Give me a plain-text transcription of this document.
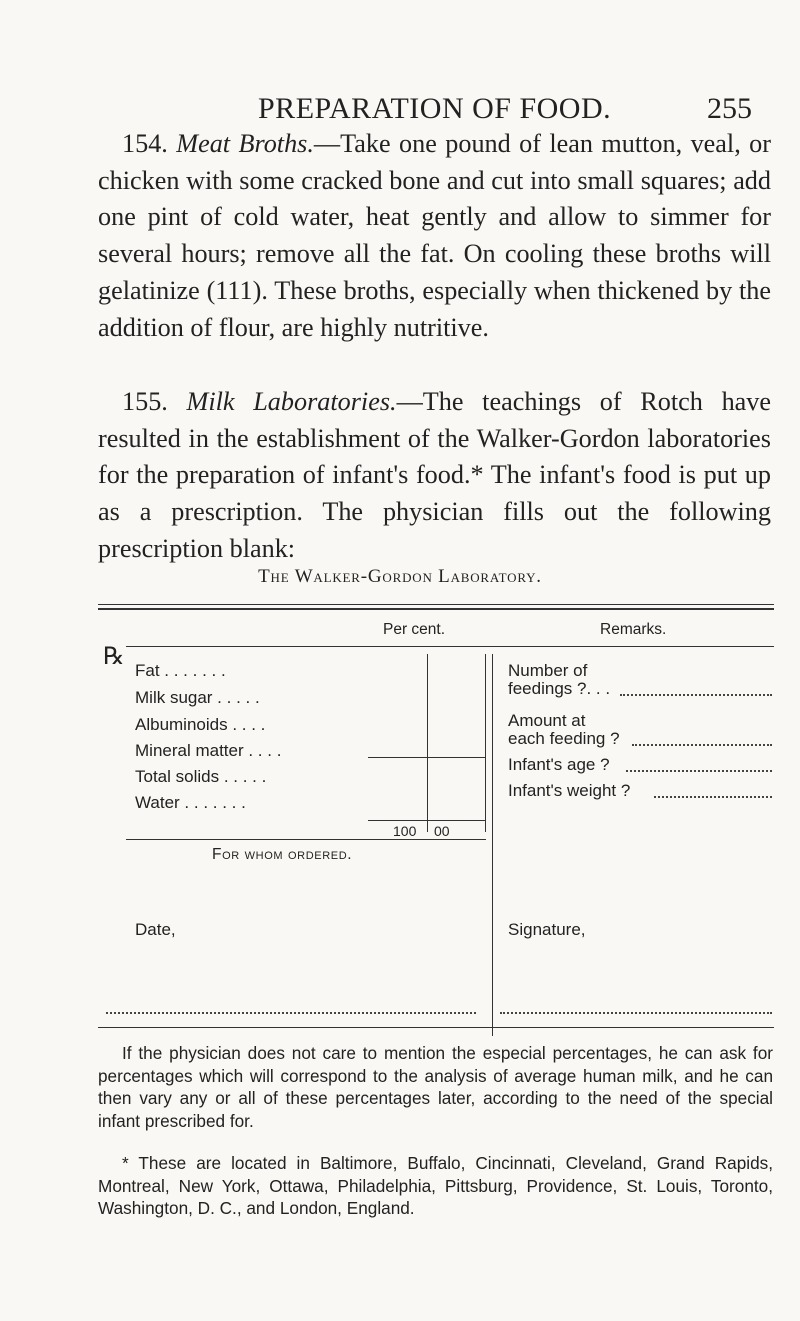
PREPARATION OF FOOD.	255

154. Meat Broths.—Take one pound of lean mutton, veal, or chicken with some cracked bone and cut into small squares; add one pint of cold water, heat gently and allow to simmer for several hours; remove all the fat. On cooling these broths will gelatinize (111). These broths, especially when thickened by the addition of flour, are highly nutritive.

155. Milk Laboratories.—The teachings of Rotch have resulted in the establishment of the Walker-Gordon laboratories for the preparation of infant's food.* The infant's food is put up as a prescription. The physician fills out the following prescription blank:

The Walker-Gordon Laboratory.
Per cent.	Remarks.
℞
Fat . . . . . . .
Milk sugar . . . . .
Albuminoids . . . .
Mineral matter . . . .
Total solids . . . . .
Water . . . . . . .
100 00
Number of
feedings ?. . .
Amount at
each feeding ?
Infant's age ?
Infant's weight ?
For whom ordered.
Date,	Signature,

If the physician does not care to mention the especial percentages, he can ask for percentages which will correspond to the analysis of average human milk, and he can then vary any or all of these percentages later, according to the need of the special infant prescribed for.

* These are located in Baltimore, Buffalo, Cincinnati, Cleveland, Grand Rapids, Montreal, New York, Ottawa, Philadelphia, Pittsburg, Providence, St. Louis, Toronto, Washington, D. C., and London, England.
